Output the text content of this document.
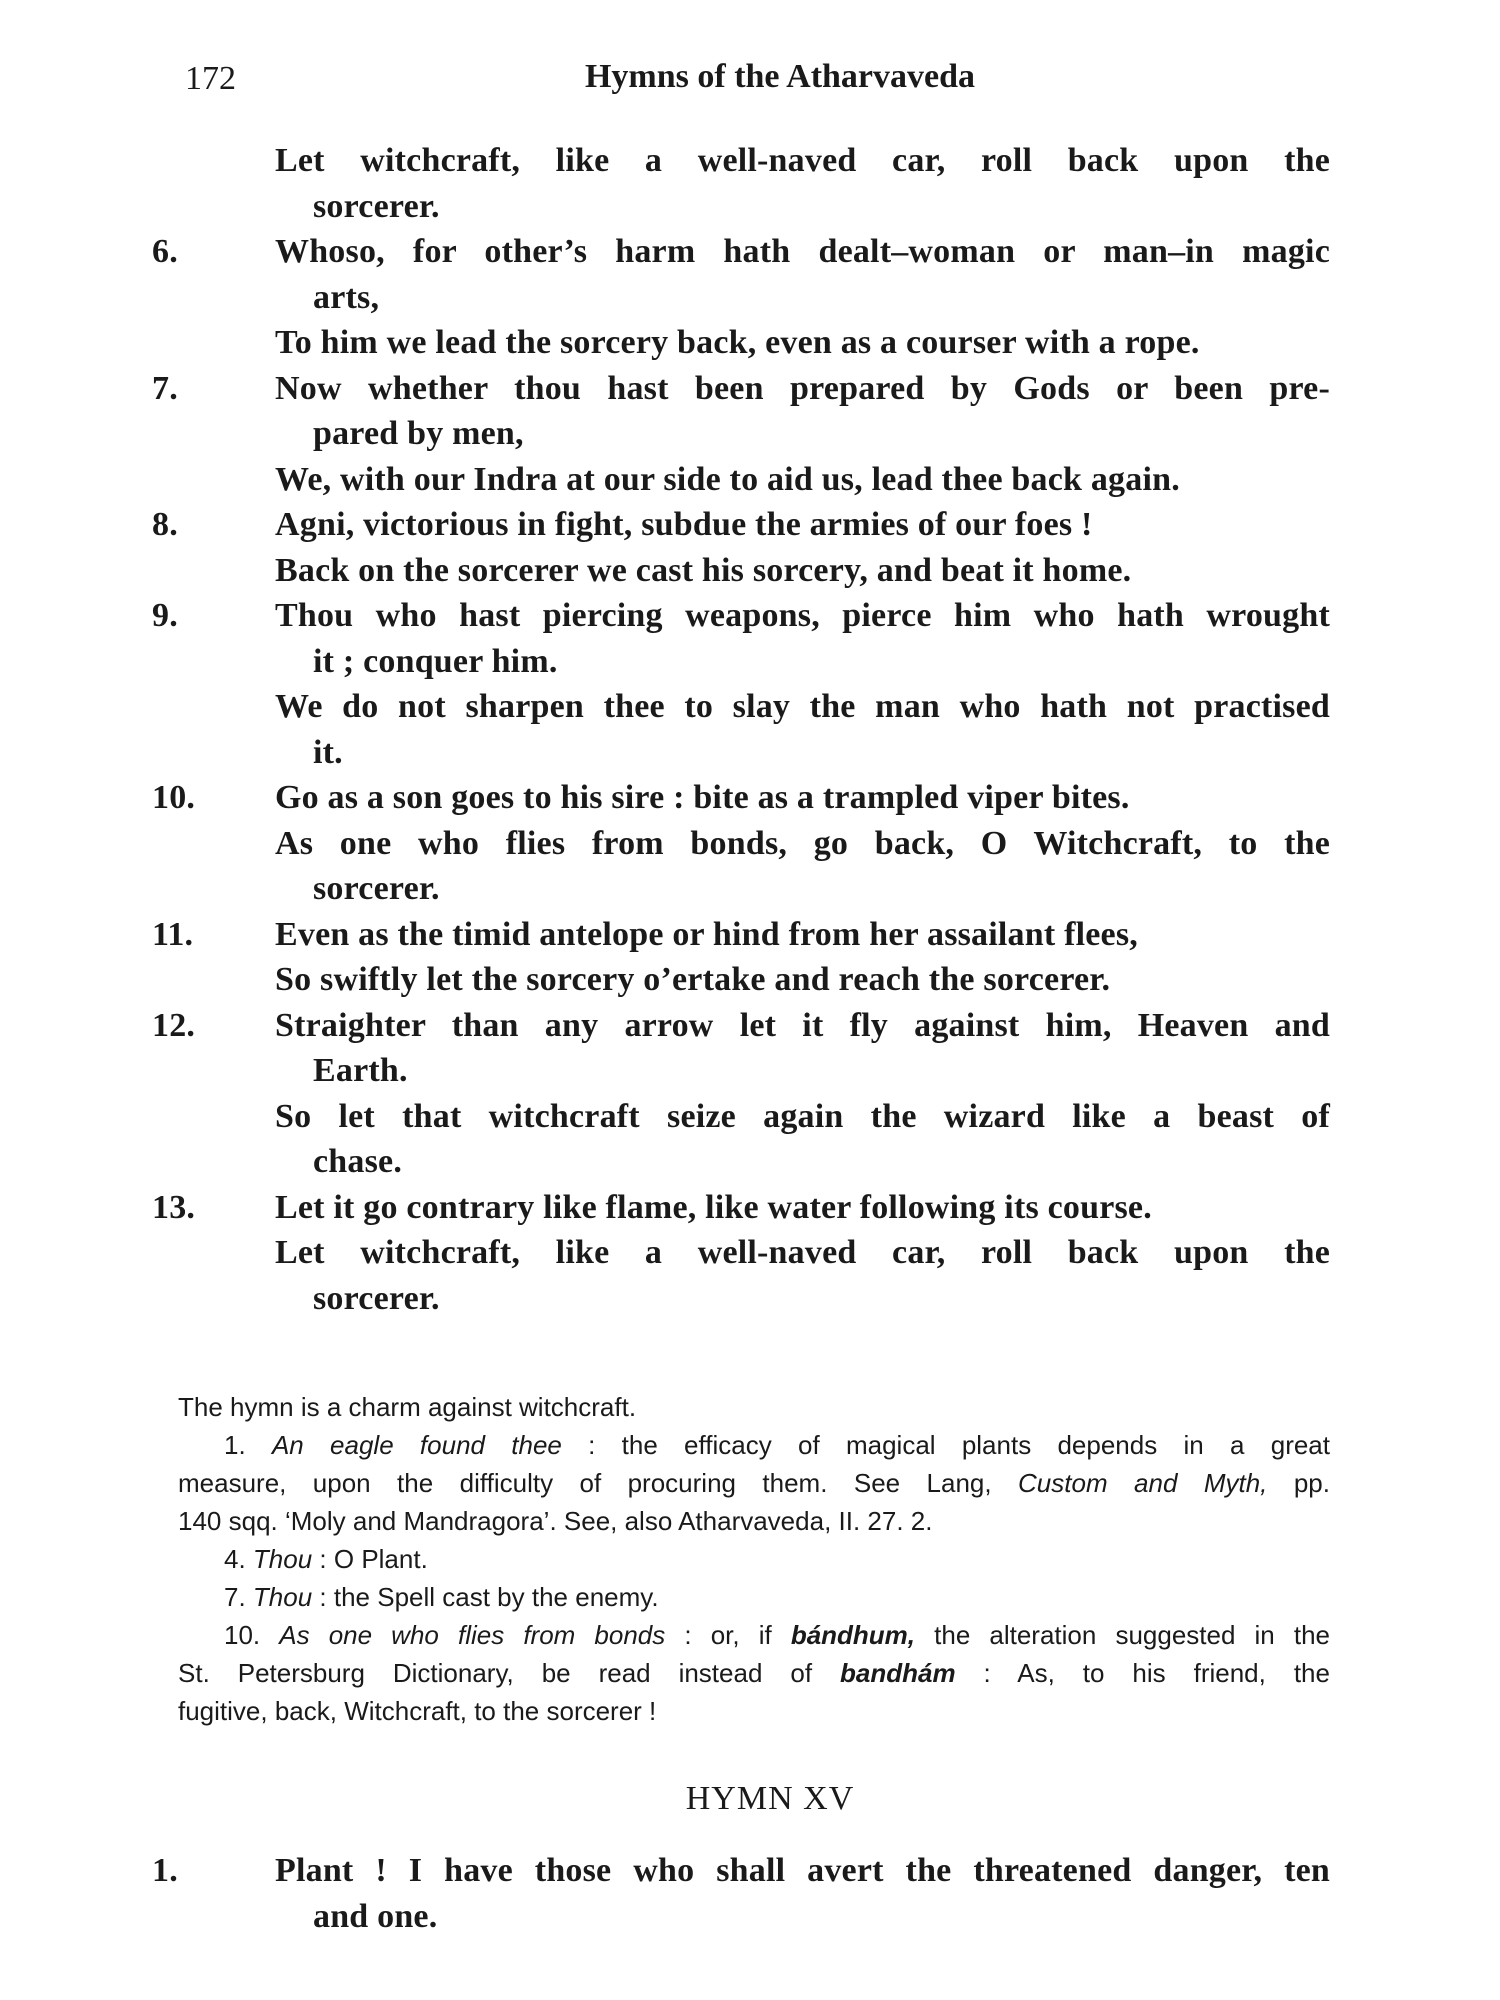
172	Hymns of the Atharvaveda
Let witchcraft, like a well-naved car, roll back upon the
sorcerer.
6.	Whoso, for other’s harm hath dealt–woman or man–in magic
arts,
To him we lead the sorcery back, even as a courser with a rope.
7.	Now whether thou hast been prepared by Gods or been pre-
pared by men,
We, with our Indra at our side to aid us, lead thee back again.
8.	Agni, victorious in fight, subdue the armies of our foes !
Back on the sorcerer we cast his sorcery, and beat it home.
9.	Thou who hast piercing weapons, pierce him who hath wrought
it ; conquer him.
We do not sharpen thee to slay the man who hath not practised
it.
10.	Go as a son goes to his sire : bite as a trampled viper bites.
As one who flies from bonds, go back, O Witchcraft, to the
sorcerer.
11.	Even as the timid antelope or hind from her assailant flees,
So swiftly let the sorcery o’ertake and reach the sorcerer.
12.	Straighter than any arrow let it fly against him, Heaven and
Earth.
So let that witchcraft seize again the wizard like a beast of
chase.
13.	Let it go contrary like flame, like water following its course.
Let witchcraft, like a well-naved car, roll back upon the
sorcerer.
The hymn is a charm against witchcraft.
1. An eagle found thee : the efficacy of magical plants depends in a great
measure, upon the difficulty of procuring them. See Lang, Custom and Myth, pp.
140 sqq. ‘Moly and Mandragora’. See, also Atharvaveda, II. 27. 2.
4. Thou : O Plant.
7. Thou : the Spell cast by the enemy.
10. As one who flies from bonds : or, if bándhum, the alteration suggested in the
St. Petersburg Dictionary, be read instead of bandhám : As, to his friend, the
fugitive, back, Witchcraft, to the sorcerer !
HYMN XV
1.	Plant ! I have those who shall avert the threatened danger, ten
and one.
